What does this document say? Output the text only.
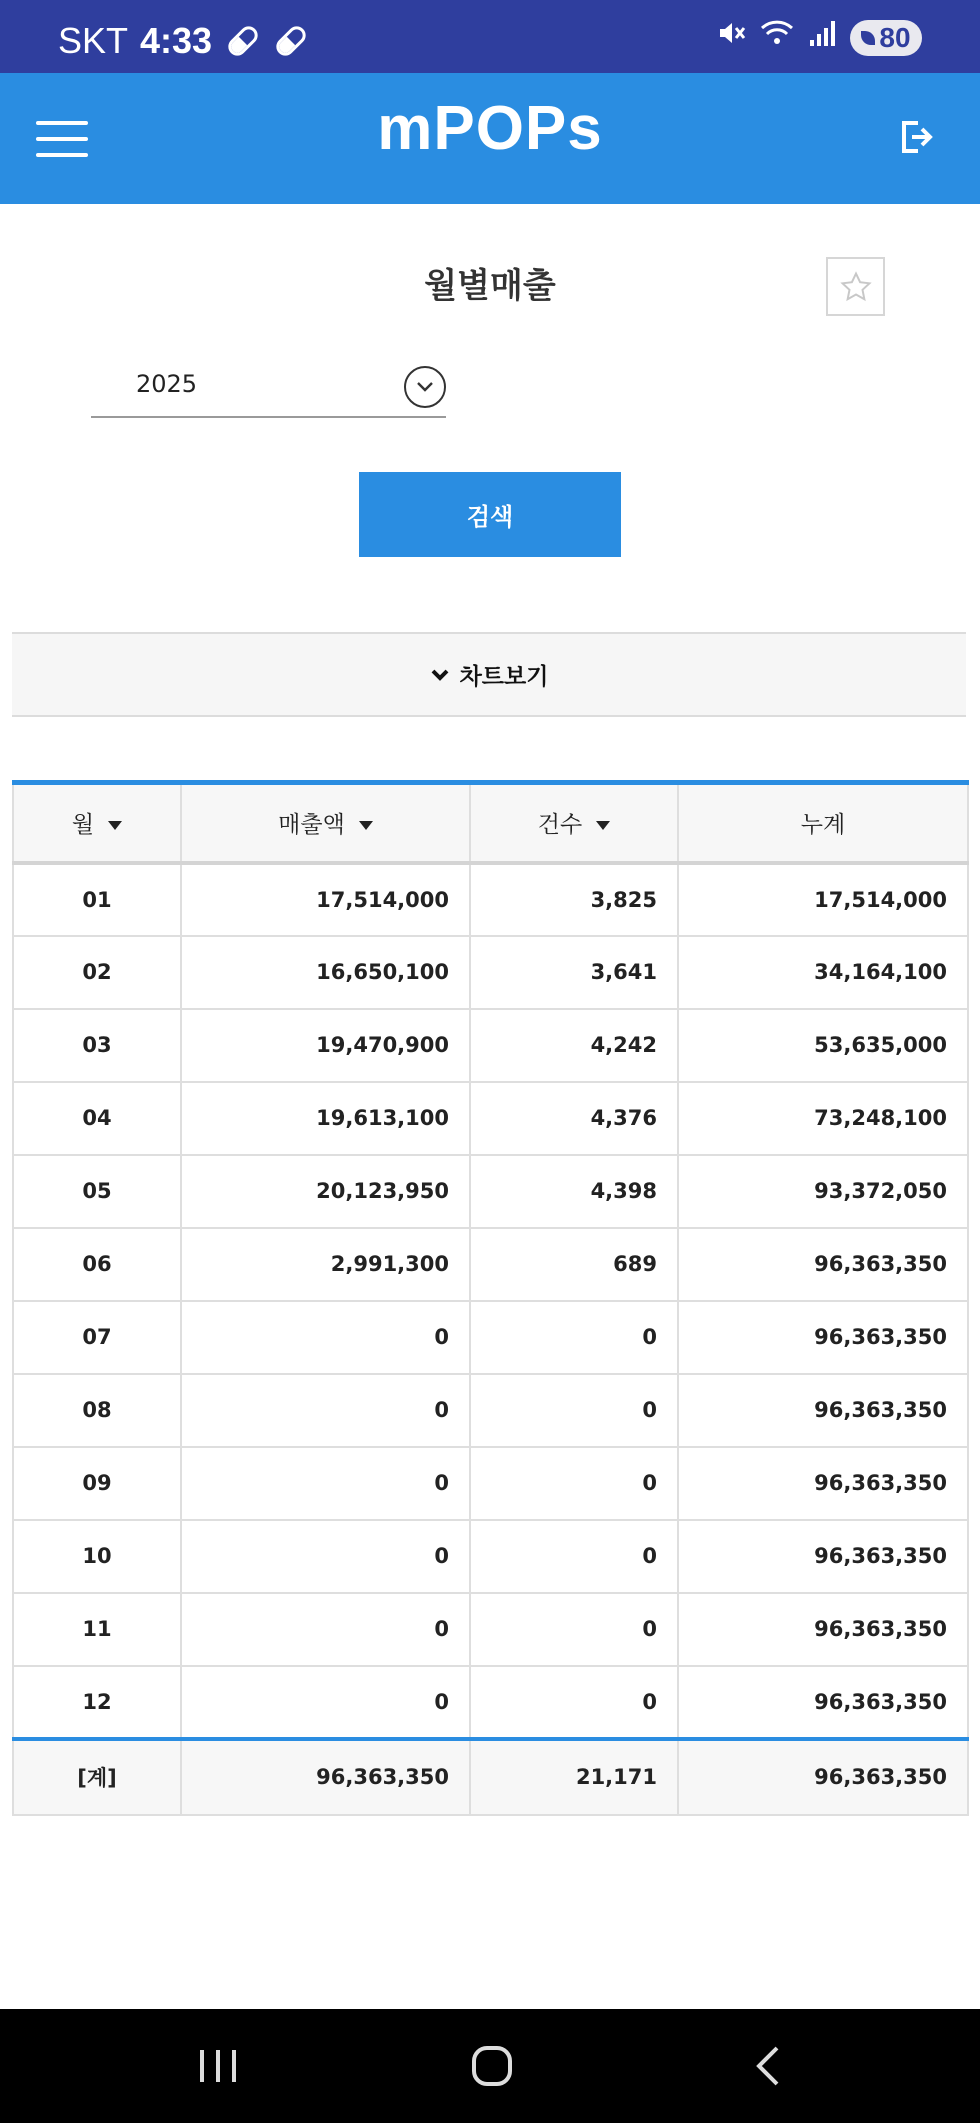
SKT 4:33	80
mPOPs
월별매출
2025
검색
차트보기
월	매출액	건수	누계
01	17,514,000	3,825	17,514,000
02	16,650,100	3,641	34,164,100
03	19,470,900	4,242	53,635,000
04	19,613,100	4,376	73,248,100
05	20,123,950	4,398	93,372,050
06	2,991,300	689	96,363,350
07	0	0	96,363,350
08	0	0	96,363,350
09	0	0	96,363,350
10	0	0	96,363,350
11	0	0	96,363,350
12	0	0	96,363,350
[계]	96,363,350	21,171	96,363,350
